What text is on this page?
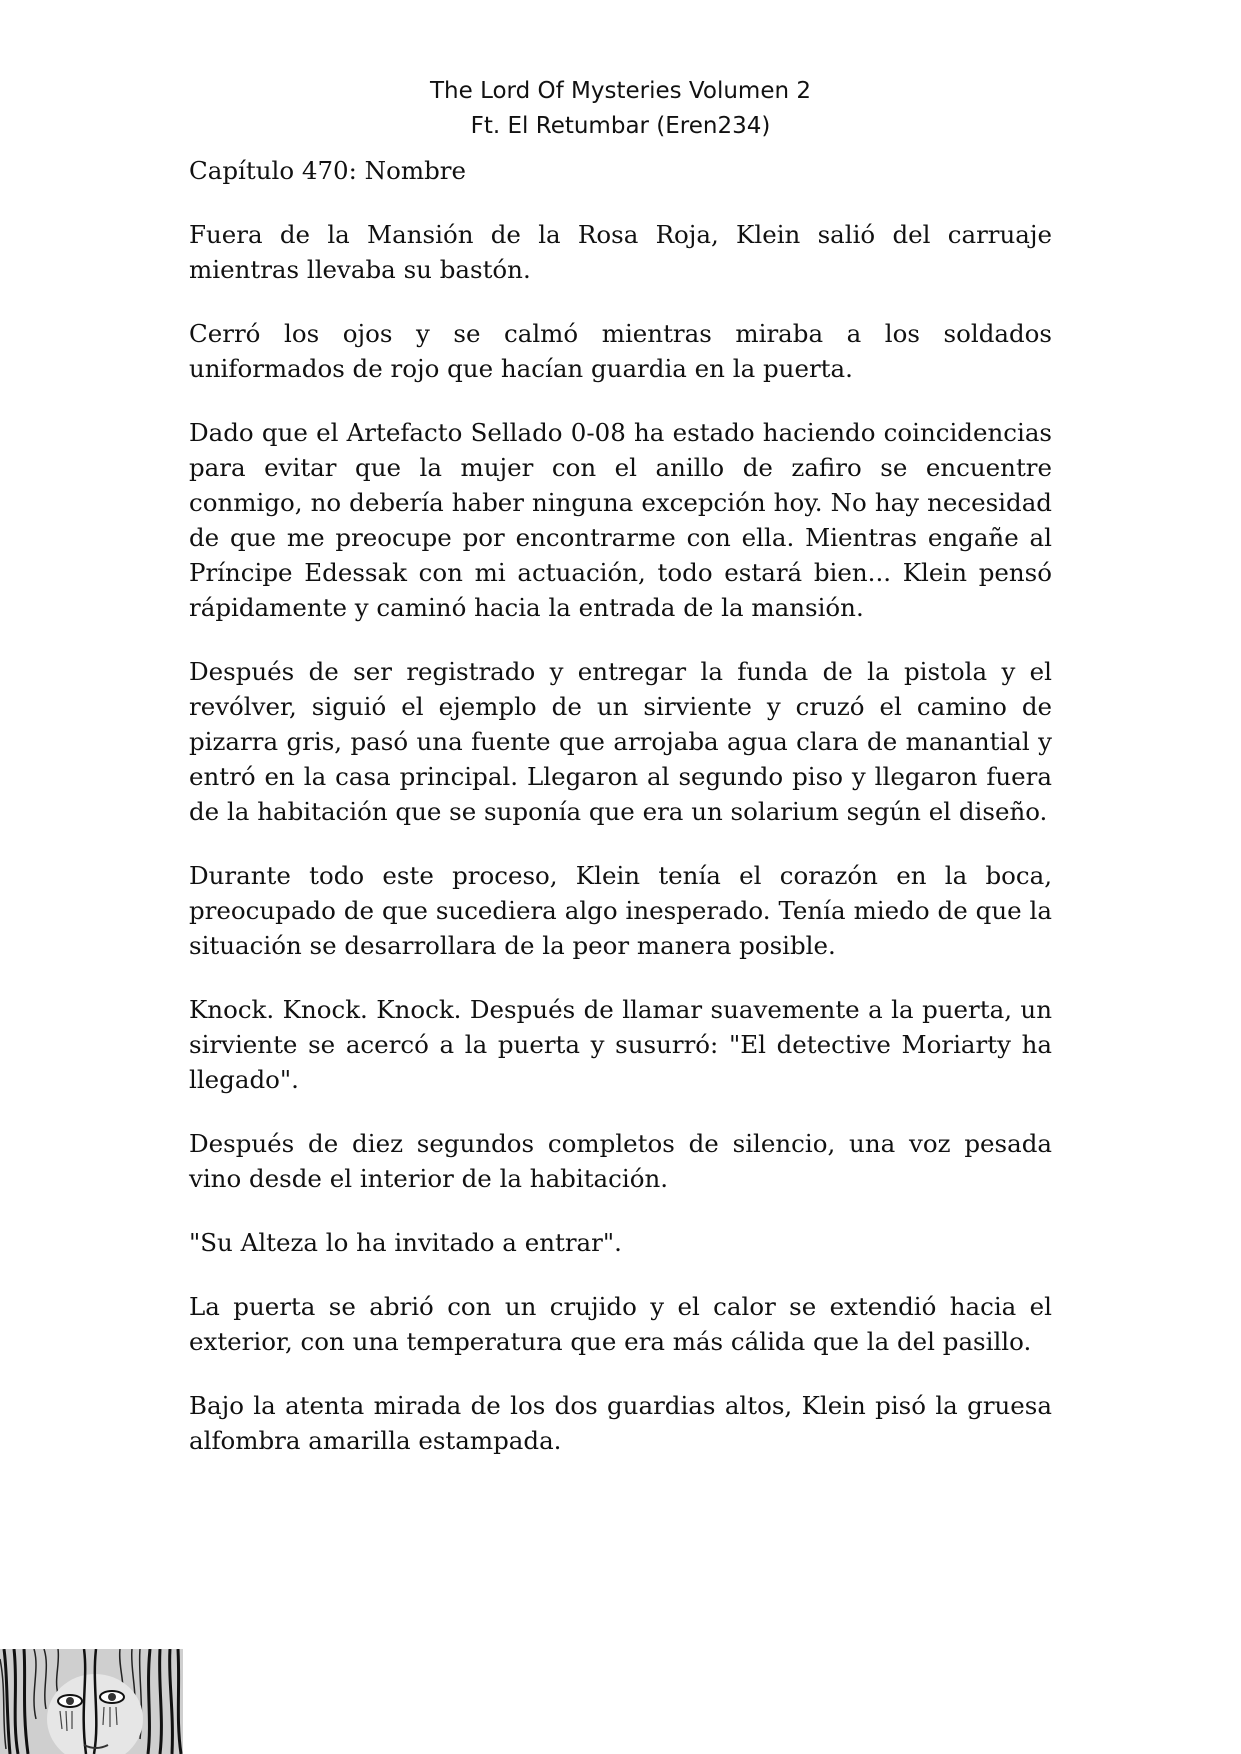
The Lord Of Mysteries Volumen 2
Ft. El Retumbar (Eren234)
Capítulo 470: Nombre

Fuera de la Mansión de la Rosa Roja, Klein salió del carruaje mientras llevaba su bastón.

Cerró los ojos y se calmó mientras miraba a los soldados uniformados de rojo que hacían guardia en la puerta.

Dado que el Artefacto Sellado 0-08 ha estado haciendo coincidencias para evitar que la mujer con el anillo de zafiro se encuentre conmigo, no debería haber ninguna excepción hoy. No hay necesidad de que me preocupe por encontrarme con ella. Mientras engañe al Príncipe Edessak con mi actuación, todo estará bien... Klein pensó rápidamente y caminó hacia la entrada de la mansión.

Después de ser registrado y entregar la funda de la pistola y el revólver, siguió el ejemplo de un sirviente y cruzó el camino de pizarra gris, pasó una fuente que arrojaba agua clara de manantial y entró en la casa principal. Llegaron al segundo piso y llegaron fuera de la habitación que se suponía que era un solarium según el diseño.

Durante todo este proceso, Klein tenía el corazón en la boca, preocupado de que sucediera algo inesperado. Tenía miedo de que la situación se desarrollara de la peor manera posible.

Knock. Knock. Knock. Después de llamar suavemente a la puerta, un sirviente se acercó a la puerta y susurró: "El detective Moriarty ha llegado".

Después de diez segundos completos de silencio, una voz pesada vino desde el interior de la habitación.

"Su Alteza lo ha invitado a entrar".

La puerta se abrió con un crujido y el calor se extendió hacia el exterior, con una temperatura que era más cálida que la del pasillo.

Bajo la atenta mirada de los dos guardias altos, Klein pisó la gruesa alfombra amarilla estampada.
